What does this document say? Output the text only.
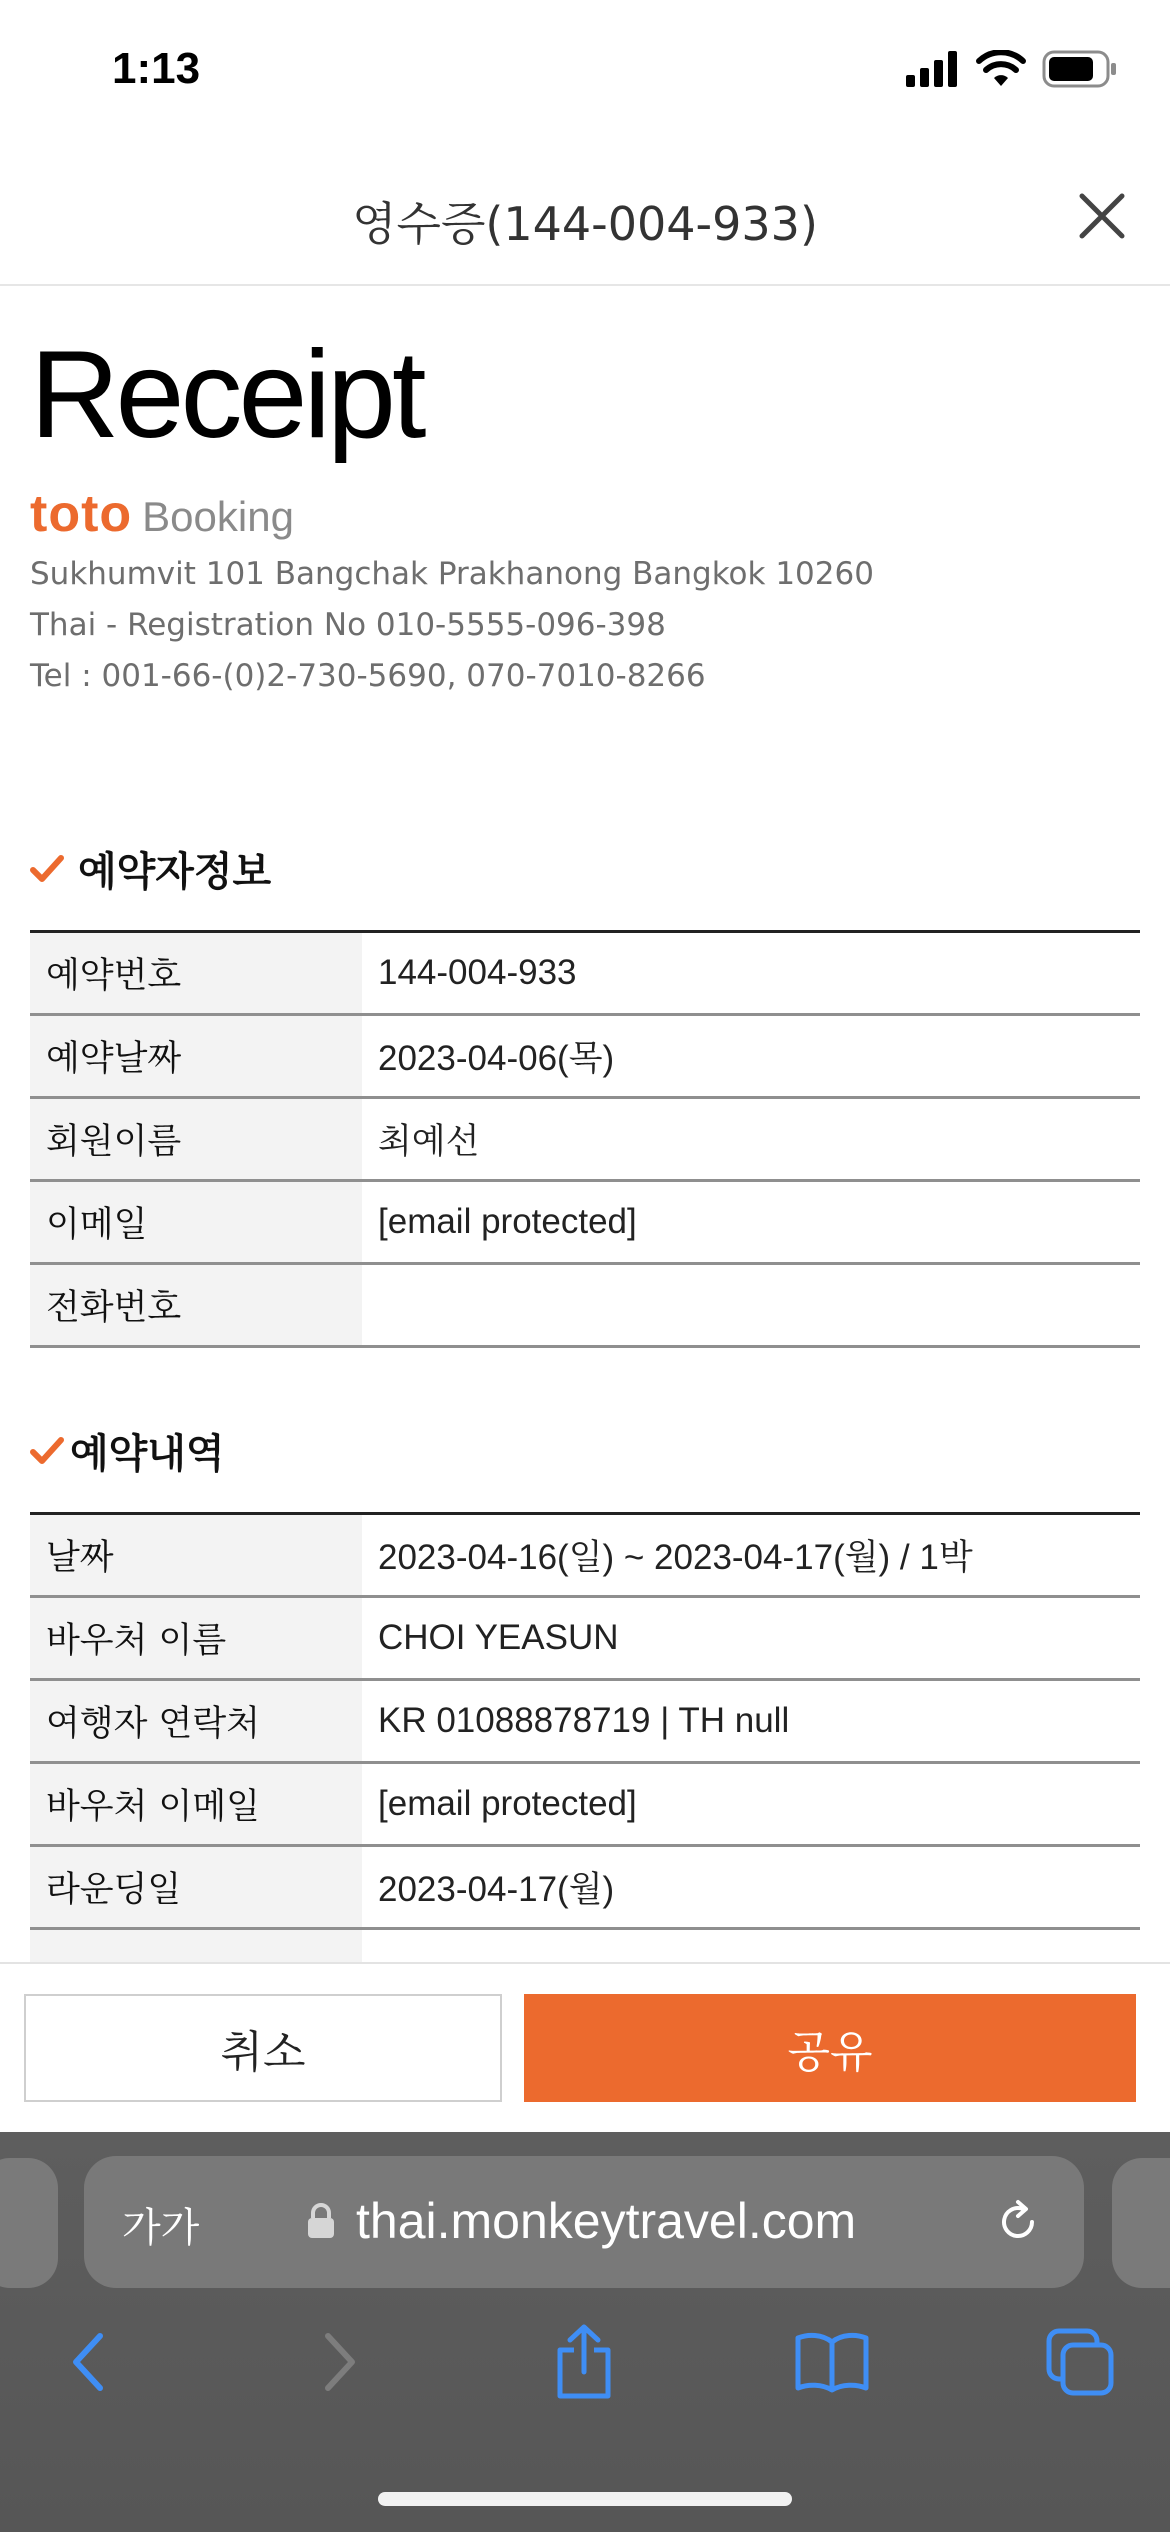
1:13
영수증(144-004-933)
Receipt
toto Booking
Sukhumvit 101 Bangchak Prakhanong Bangkok 10260
Thai - Registration No 010-5555-096-398
Tel : 001-66-(0)2-730-5690, 070-7010-8266
예약자정보
예약번호	144-004-933
예약날짜	2023-04-06(목)
회원이름	최예선
이메일	[email protected]
전화번호
예약내역
날짜	2023-04-16(일) ~ 2023-04-17(월) / 1박
바우처 이름	CHOI YEASUN
여행자 연락처	KR 01088878719 | TH null
바우처 이메일	[email protected]
라운딩일	2023-04-17(월)
취소	공유
가가	thai.monkeytravel.com
